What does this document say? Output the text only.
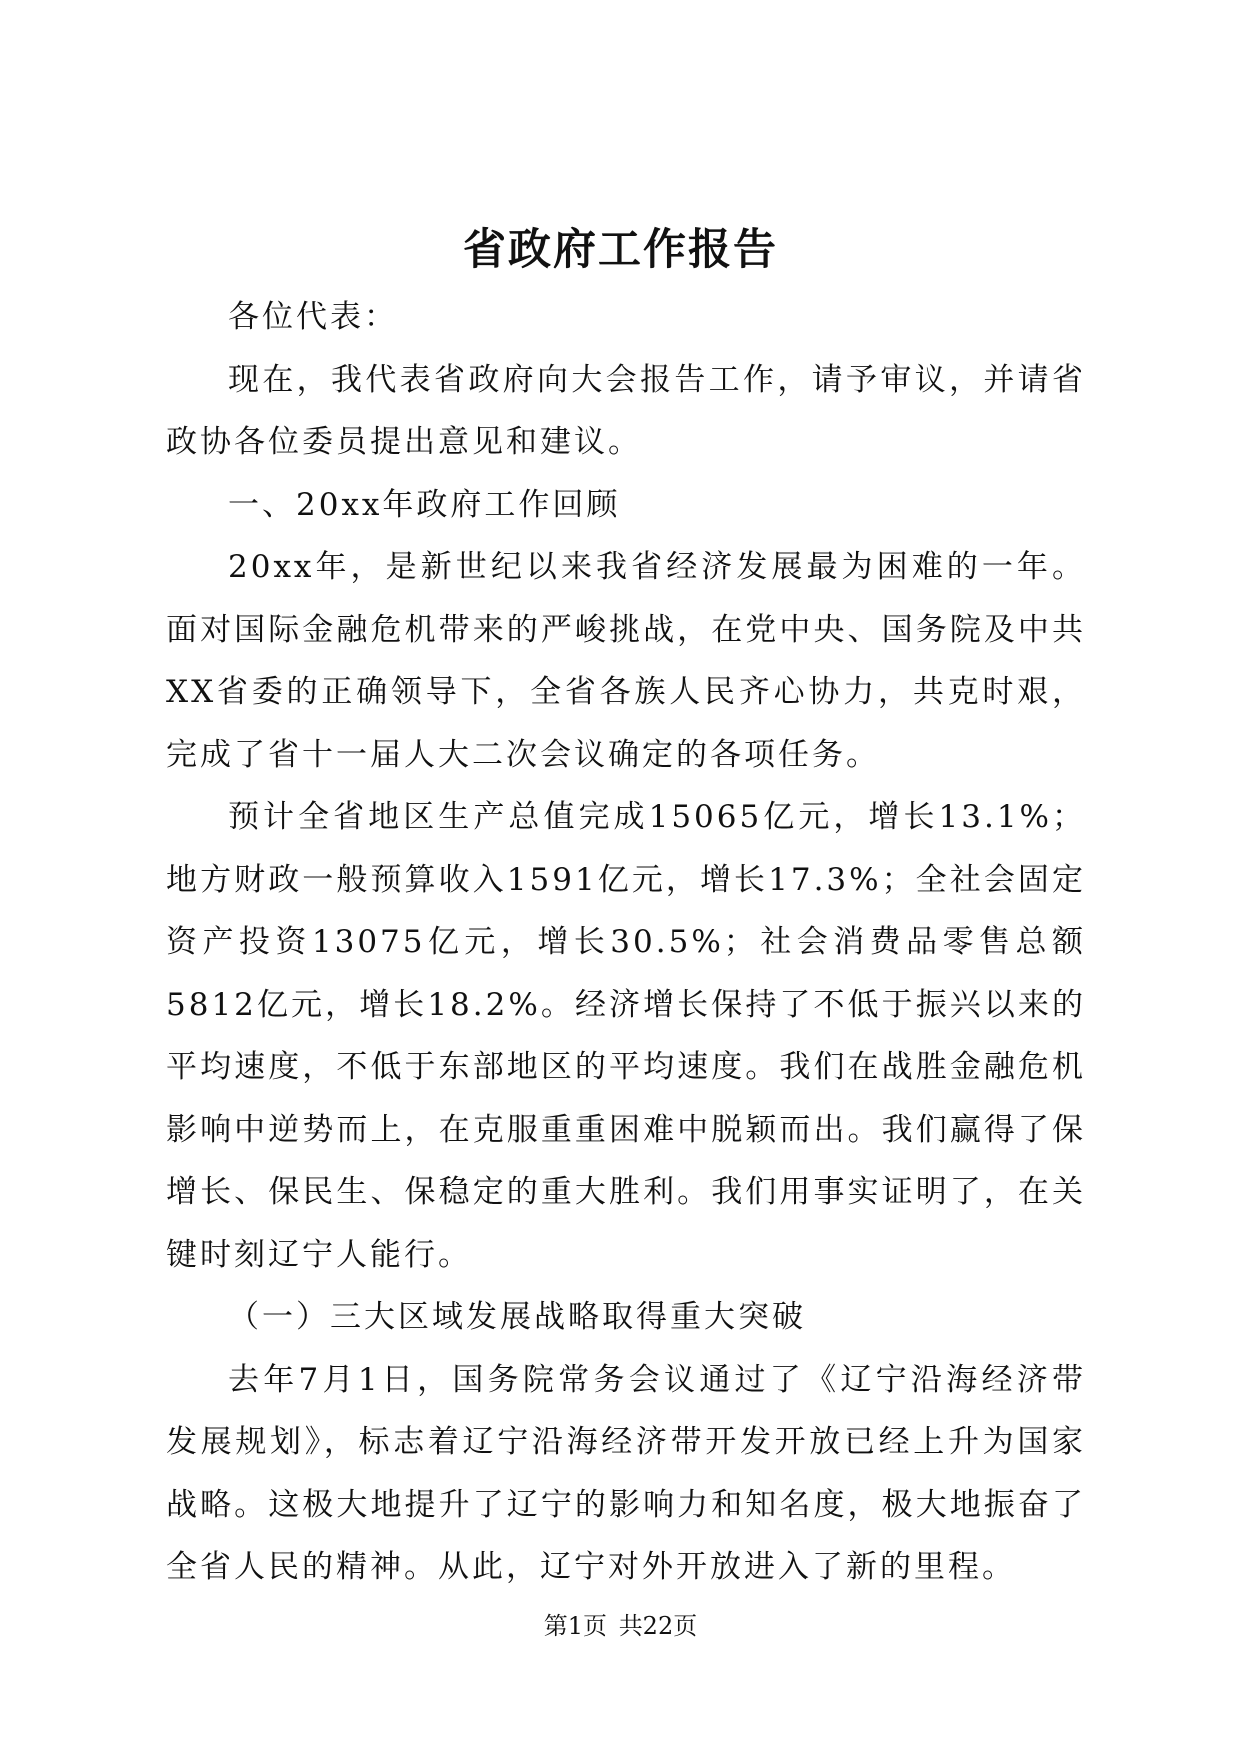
省政府工作报告

各位代表：

现在，我代表省政府向大会报告工作，请予审议，并请省政协各位委员提出意见和建议。

一、20xx年政府工作回顾

20xx年，是新世纪以来我省经济发展最为困难的一年。面对国际金融危机带来的严峻挑战，在党中央、国务院及中共XX省委的正确领导下，全省各族人民齐心协力，共克时艰，完成了省十一届人大二次会议确定的各项任务。

预计全省地区生产总值完成15065亿元，增长13.1%；地方财政一般预算收入1591亿元，增长17.3%；全社会固定资产投资13075亿元，增长30.5%；社会消费品零售总额5812亿元，增长18.2%。经济增长保持了不低于振兴以来的平均速度，不低于东部地区的平均速度。我们在战胜金融危机影响中逆势而上，在克服重重困难中脱颖而出。我们赢得了保增长、保民生、保稳定的重大胜利。我们用事实证明了，在关键时刻辽宁人能行。

（一）三大区域发展战略取得重大突破

去年7月1日，国务院常务会议通过了《辽宁沿海经济带发展规划》，标志着辽宁沿海经济带开发开放已经上升为国家战略。这极大地提升了辽宁的影响力和知名度，极大地振奋了全省人民的精神。从此，辽宁对外开放进入了新的里程。

第1页 共22页
